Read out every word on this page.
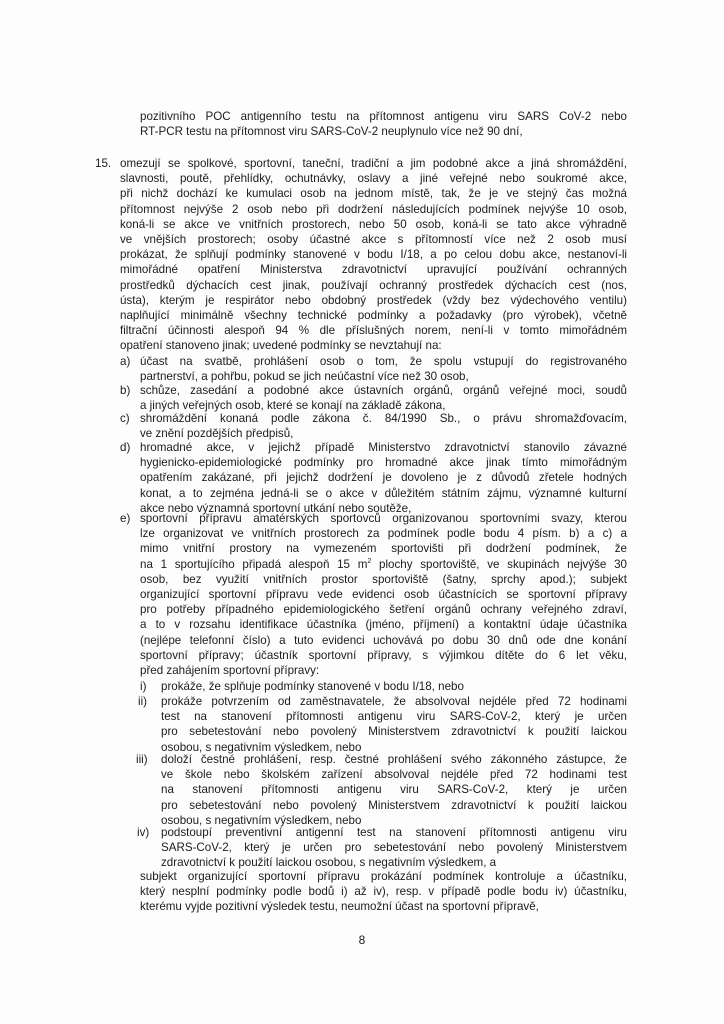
pozitivního POC antigenního testu na přítomnost antigenu viru SARS CoV-2 nebo
RT-PCR testu na přítomnost viru SARS-CoV-2 neuplynulo více než 90 dní,
15. omezují se spolkové, sportovní, taneční, tradiční a jim podobné akce a jiná shromáždění,
slavnosti, poutě, přehlídky, ochutnávky, oslavy a jiné veřejné nebo soukromé akce,
při nichž dochází ke kumulaci osob na jednom místě, tak, že je ve stejný čas možná
přítomnost nejvýše 2 osob nebo při dodržení následujících podmínek nejvýše 10 osob,
koná-li se akce ve vnitřních prostorech, nebo 50 osob, koná-li se tato akce výhradně
ve vnějších prostorech; osoby účastné akce s přítomností více než 2 osob musí
prokázat, že splňují podmínky stanovené v bodu I/18, a po celou dobu akce, nestanoví-li
mimořádné opatření Ministerstva zdravotnictví upravující používání ochranných
prostředků dýchacích cest jinak, používají ochranný prostředek dýchacích cest (nos,
ústa), kterým je respirátor nebo obdobný prostředek (vždy bez výdechového ventilu)
naplňující minimálně všechny technické podmínky a požadavky (pro výrobek), včetně
filtrační účinnosti alespoň 94 % dle příslušných norem, není-li v tomto mimořádném
opatření stanoveno jinak; uvedené podmínky se nevztahují na:
a) účast na svatbě, prohlášení osob o tom, že spolu vstupují do registrovaného
partnerství, a pohřbu, pokud se jich neúčastní více než 30 osob,
b) schůze, zasedání a podobné akce ústavních orgánů, orgánů veřejné moci, soudů
a jiných veřejných osob, které se konají na základě zákona,
c) shromáždění konaná podle zákona č. 84/1990 Sb., o právu shromažďovacím,
ve znění pozdějších předpisů,
d) hromadné akce, v jejichž případě Ministerstvo zdravotnictví stanovilo závazné
hygienicko-epidemiologické podmínky pro hromadné akce jinak tímto mimořádným
opatřením zakázané, při jejichž dodržení je dovoleno je z důvodů zřetele hodných
konat, a to zejména jedná-li se o akce v důležitém státním zájmu, významné kulturní
akce nebo významná sportovní utkání nebo soutěže,
e) sportovní přípravu amatérských sportovců organizovanou sportovními svazy, kterou
lze organizovat ve vnitřních prostorech za podmínek podle bodu 4 písm. b) a c) a
mimo vnitřní prostory na vymezeném sportovišti při dodržení podmínek, že
na 1 sportujícího připadá alespoň 15 $m^2$ plochy sportoviště, ve skupinách nejvýše 30
osob, bez využití vnitřních prostor sportoviště (šatny, sprchy apod.); subjekt
organizující sportovní přípravu vede evidenci osob účastnících se sportovní přípravy
pro potřeby případného epidemiologického šetření orgánů ochrany veřejného zdraví,
a to v rozsahu identifikace účastníka (jméno, příjmení) a kontaktní údaje účastníka
(nejlépe telefonní číslo) a tuto evidenci uchovává po dobu 30 dnů ode dne konání
sportovní přípravy; účastník sportovní přípravy, s výjimkou dítěte do 6 let věku,
před zahájením sportovní přípravy:
i) prokáže, že splňuje podmínky stanovené v bodu I/18, nebo
ii) prokáže potvrzením od zaměstnavatele, že absolvoval nejdéle před 72 hodinami
test na stanovení přítomnosti antigenu viru SARS-CoV-2, který je určen
pro sebetestování nebo povolený Ministerstvem zdravotnictví k použití laickou
osobou, s negativním výsledkem, nebo
iii) doloží čestné prohlášení, resp. čestné prohlášení svého zákonného zástupce, že
ve škole nebo školském zařízení absolvoval nejdéle před 72 hodinami test
na stanovení přítomnosti antigenu viru SARS-CoV-2, který je určen
pro sebetestování nebo povolený Ministerstvem zdravotnictví k použití laickou
osobou, s negativním výsledkem, nebo
iv) podstoupí preventivní antigenní test na stanovení přítomnosti antigenu viru
SARS-CoV-2, který je určen pro sebetestování nebo povolený Ministerstvem
zdravotnictví k použití laickou osobou, s negativním výsledkem, a
subjekt organizující sportovní přípravu prokázání podmínek kontroluje a účastníku,
který nesplní podmínky podle bodů i) až iv), resp. v případě podle bodu iv) účastníku,
kterému vyjde pozitivní výsledek testu, neumožní účast na sportovní přípravě,
8
